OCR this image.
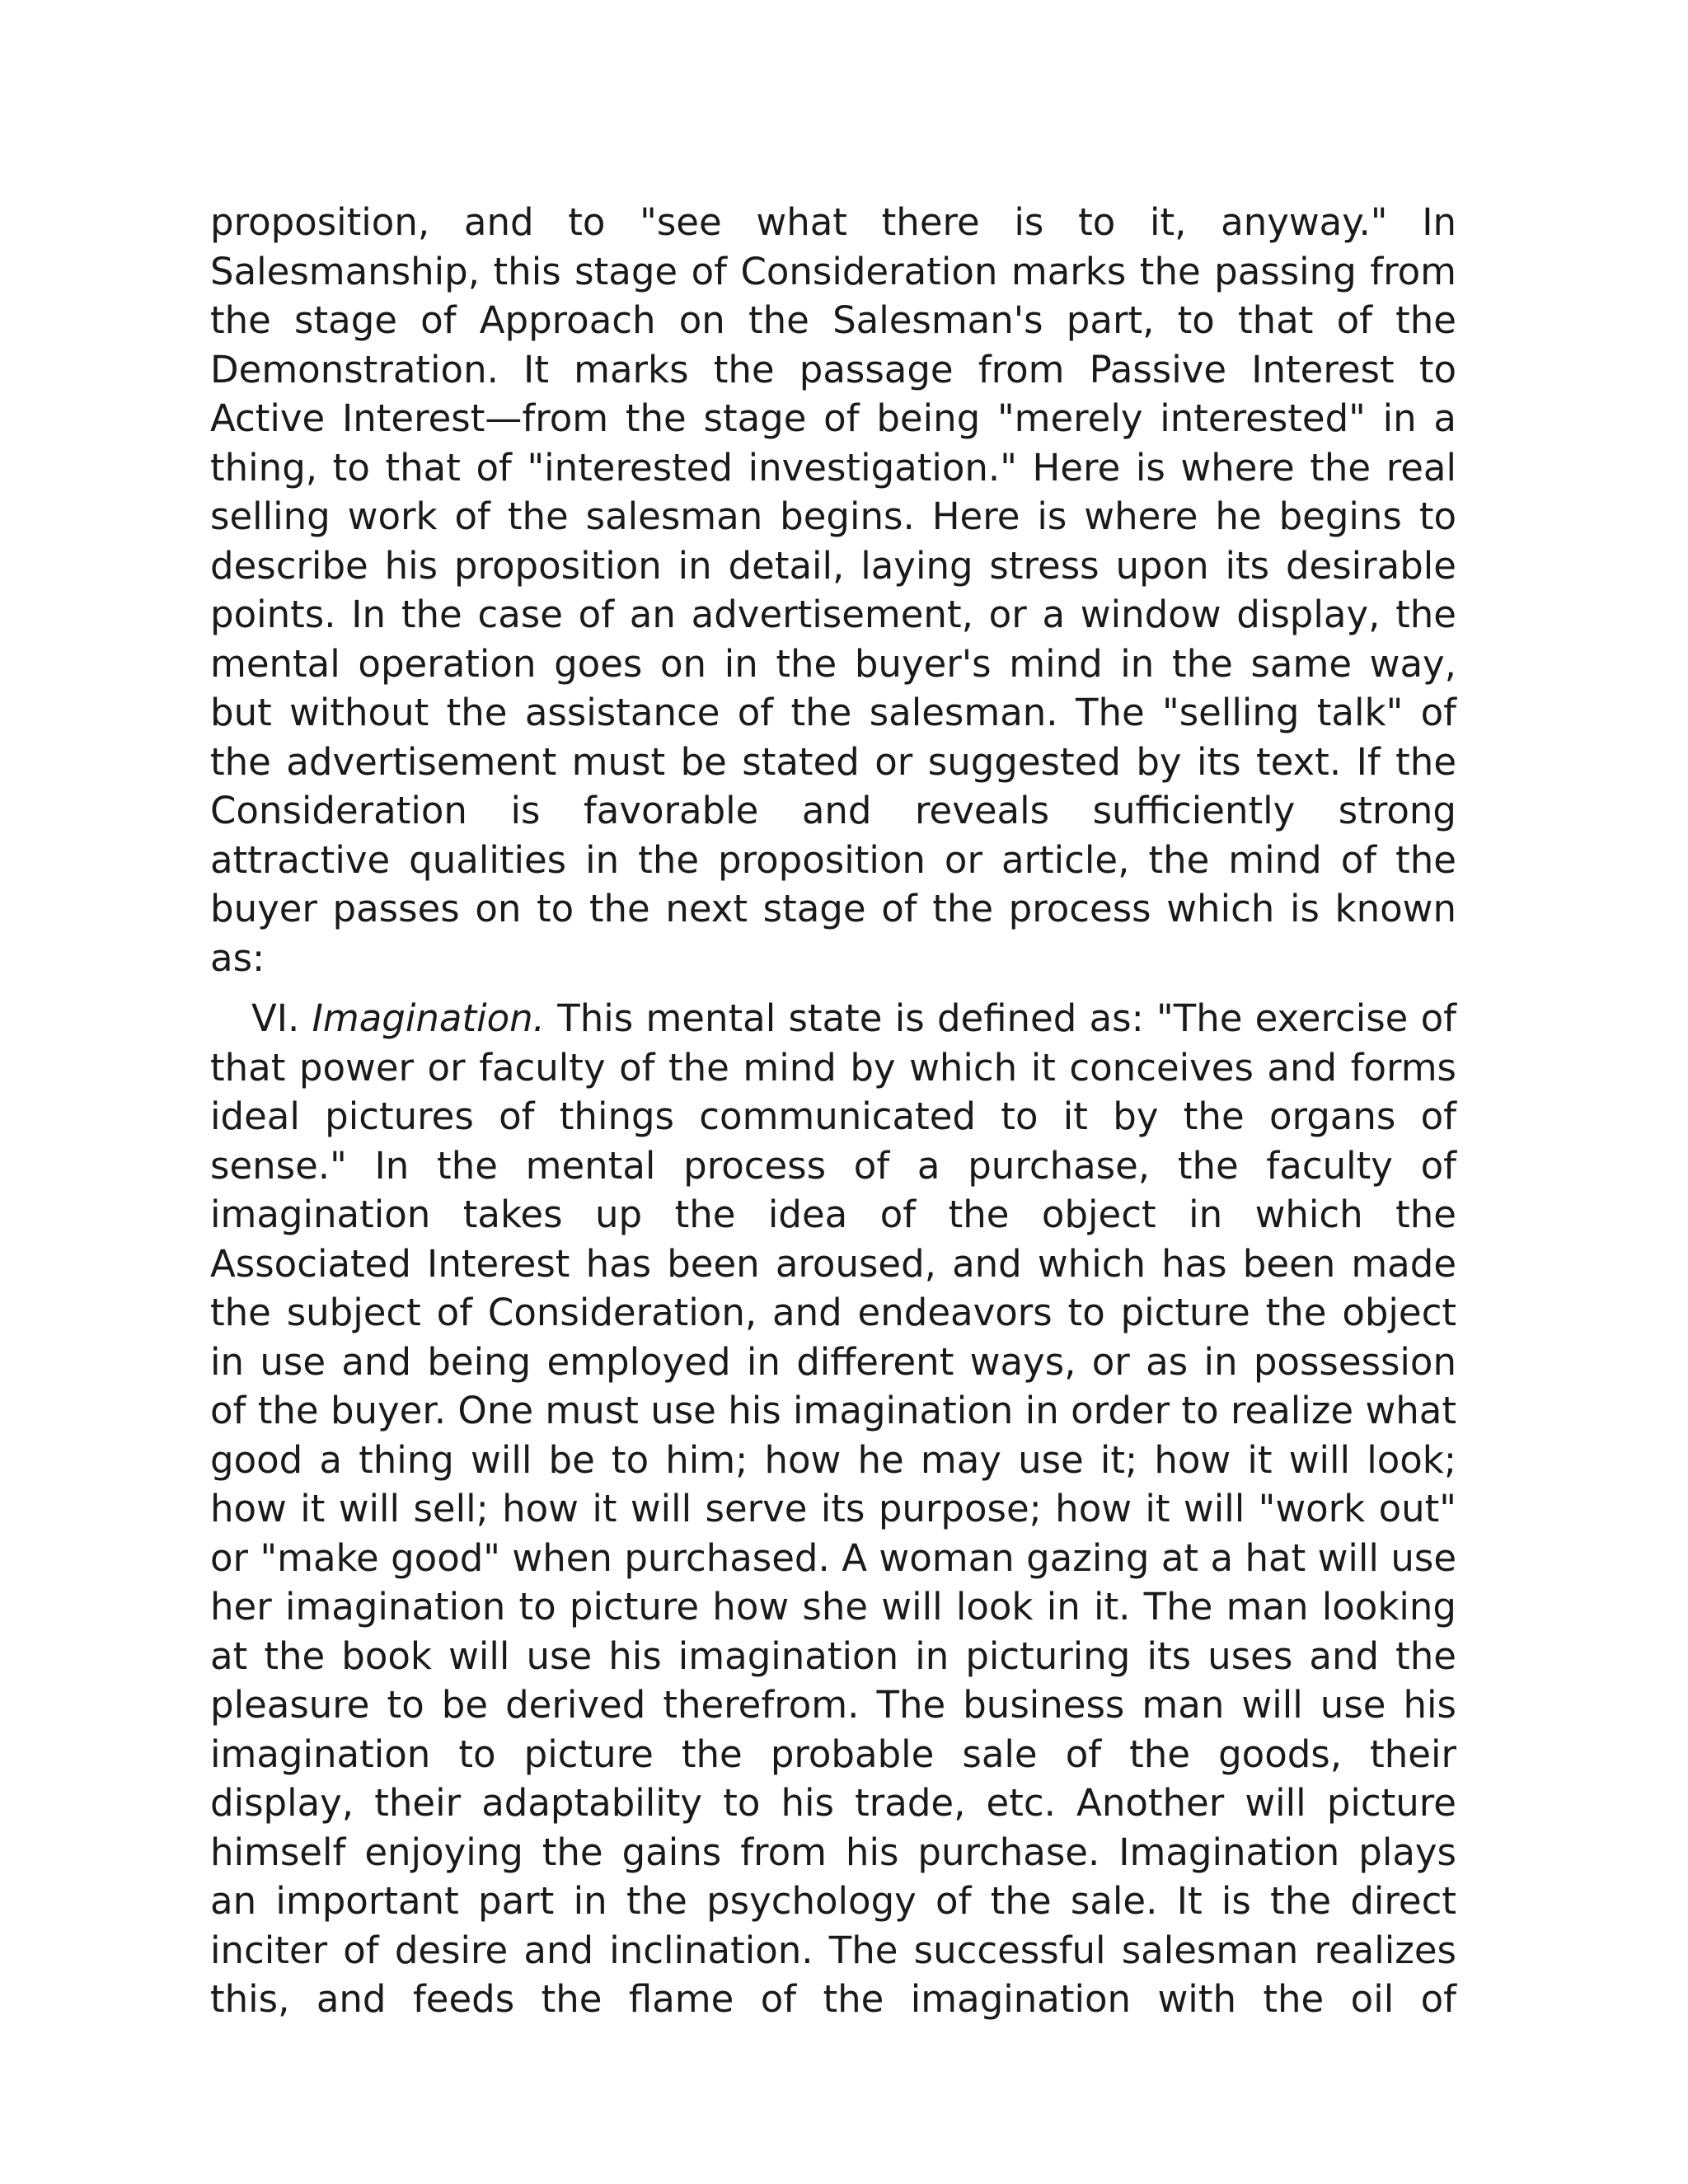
proposition, and to "see what there is to it, anyway." In Salesmanship, this stage of Consideration marks the passing from the stage of Approach on the Salesman's part, to that of the Demonstration. It marks the passage from Passive Interest to Active Interest—from the stage of being "merely interested" in a thing, to that of "interested investigation." Here is where the real selling work of the salesman begins. Here is where he begins to describe his proposition in detail, laying stress upon its desirable points. In the case of an advertisement, or a window display, the mental operation goes on in the buyer's mind in the same way, but without the assistance of the salesman. The "selling talk" of the advertisement must be stated or suggested by its text. If the Consideration is favorable and reveals sufficiently strong attractive qualities in the proposition or article, the mind of the buyer passes on to the next stage of the process which is known as:

VI. Imagination. This mental state is defined as: "The exercise of that power or faculty of the mind by which it conceives and forms ideal pictures of things communicated to it by the organs of sense." In the mental process of a purchase, the faculty of imagination takes up the idea of the object in which the Associated Interest has been aroused, and which has been made the subject of Consideration, and endeavors to picture the object in use and being employed in different ways, or as in possession of the buyer. One must use his imagination in order to realize what good a thing will be to him; how he may use it; how it will look; how it will sell; how it will serve its purpose; how it will "work out" or "make good" when purchased. A woman gazing at a hat will use her imagination to picture how she will look in it. The man looking at the book will use his imagination in picturing its uses and the pleasure to be derived therefrom. The business man will use his imagination to picture the probable sale of the goods, their display, their adaptability to his trade, etc. Another will picture himself enjoying the gains from his purchase. Imagination plays an important part in the psychology of the sale. It is the direct inciter of desire and inclination. The successful salesman realizes this, and feeds the flame of the imagination with the oil of
